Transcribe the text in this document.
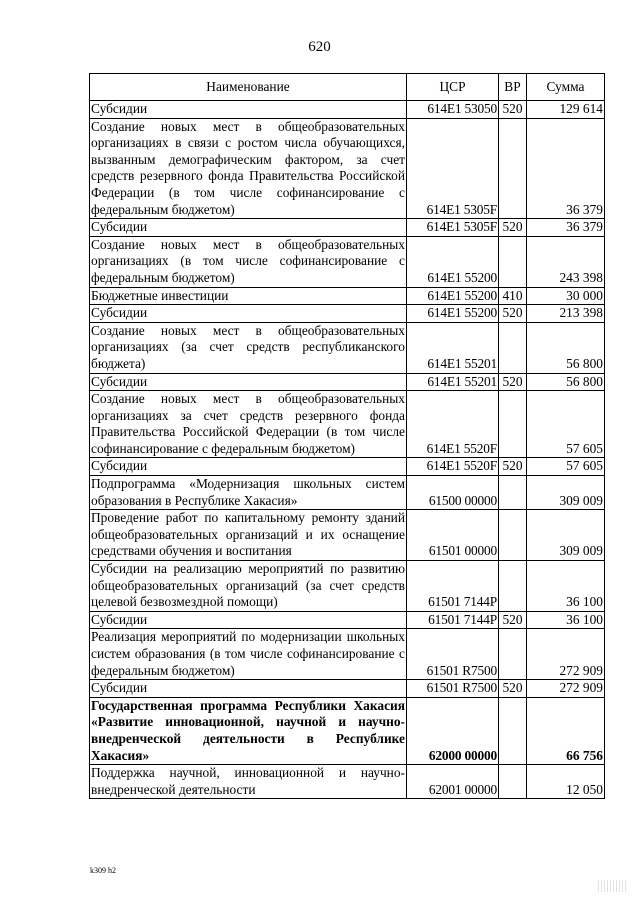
620
Наименование	ЦСР	ВР	Сумма
Субсидии	614E1 53050	520	129 614
Создание новых мест в общеобразовательных организациях в связи с ростом числа обучающихся, вызванным демографическим фактором, за счет средств резервного фонда Правительства Российской Федерации (в том числе софинансирование с федеральным бюджетом)	614E1 5305F		36 379
Субсидии	614E1 5305F	520	36 379
Создание новых мест в общеобразовательных организациях (в том числе софинансирование с федеральным бюджетом)	614E1 55200		243 398
Бюджетные инвестиции	614E1 55200	410	30 000
Субсидии	614E1 55200	520	213 398
Создание новых мест в общеобразовательных организациях (за счет средств республиканского бюджета)	614E1 55201		56 800
Субсидии	614E1 55201	520	56 800
Создание новых мест в общеобразовательных организациях за счет средств резервного фонда Правительства Российской Федерации (в том числе софинансирование с федеральным бюджетом)	614E1 5520F		57 605
Субсидии	614E1 5520F	520	57 605
Подпрограмма «Модернизация школьных систем образования в Республике Хакасия»	61500 00000		309 009
Проведение работ по капитальному ремонту зданий общеобразовательных организаций и их оснащение средствами обучения и воспитания	61501 00000		309 009
Субсидии на реализацию мероприятий по развитию общеобразовательных организаций (за счет средств целевой безвозмездной помощи)	61501 7144P		36 100
Субсидии	61501 7144P	520	36 100
Реализация мероприятий по модернизации школьных систем образования (в том числе софинансирование с федеральным бюджетом)	61501 R7500		272 909
Субсидии	61501 R7500	520	272 909
Государственная программа Республики Хакасия «Развитие инновационной, научной и научно-внедренческой деятельности в Республике Хакасия»	62000 00000		66 756
Поддержка научной, инновационной и научно-внедренческой деятельности	62001 00000		12 050
k309 h2
